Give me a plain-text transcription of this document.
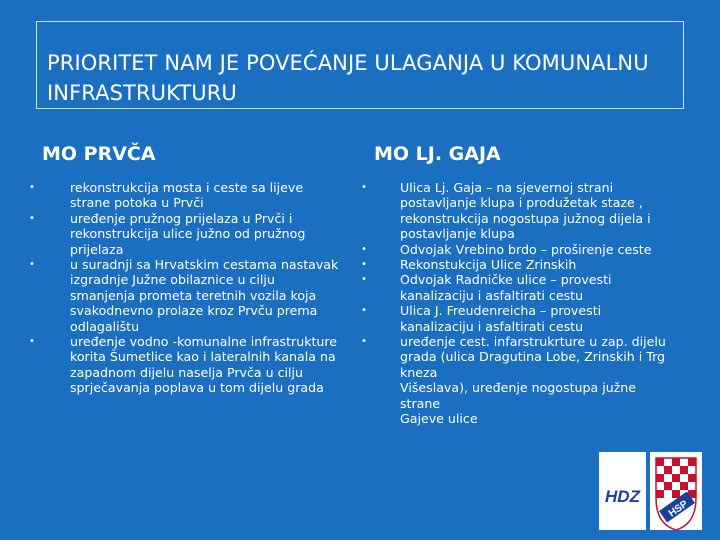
PRIORITET NAM JE POVEĆANJE ULAGANJA U KOMUNALNU INFRASTRUKTURU
MO PRVČA
•	rekonstrukcija mosta i ceste sa lijeve strane potoka u Prvči
•	uređenje pružnog prijelaza u Prvči i rekonstrukcija ulice južno od pružnog prijelaza
•	u suradnji sa Hrvatskim cestama nastavak izgradnje Južne obilaznice u cilju smanjenja prometa teretnih vozila koja svakodnevno prolaze kroz Prvču prema odlagalištu
•	uređenje vodno -komunalne infrastrukture korita Šumetlice kao i lateralnih kanala na zapadnom dijelu naselja Prvča u cilju sprječavanja poplava u tom dijelu grada
MO LJ. GAJA
•	Ulica Lj. Gaja – na sjevernoj strani postavljanje klupa i produžetak staze , rekonstrukcija nogostupa južnog dijela i postavljanje klupa
•	Odvojak Vrebino brdo – proširenje ceste
•	Rekonstukcija Ulice Zrinskih
•	Odvojak Radničke ulice – provesti kanalizaciju i asfaltirati cestu
•	Ulica J. Freudenreicha – provesti kanalizaciju i asfaltirati cestu
•	uređenje cest. infarstrukrture u zap. dijelu grada (ulica Dragutina Lobe, Zrinskih i Trg kneza
Višeslava), uređenje nogostupa južne strane
Gajeve ulice
HDZ
HSP
